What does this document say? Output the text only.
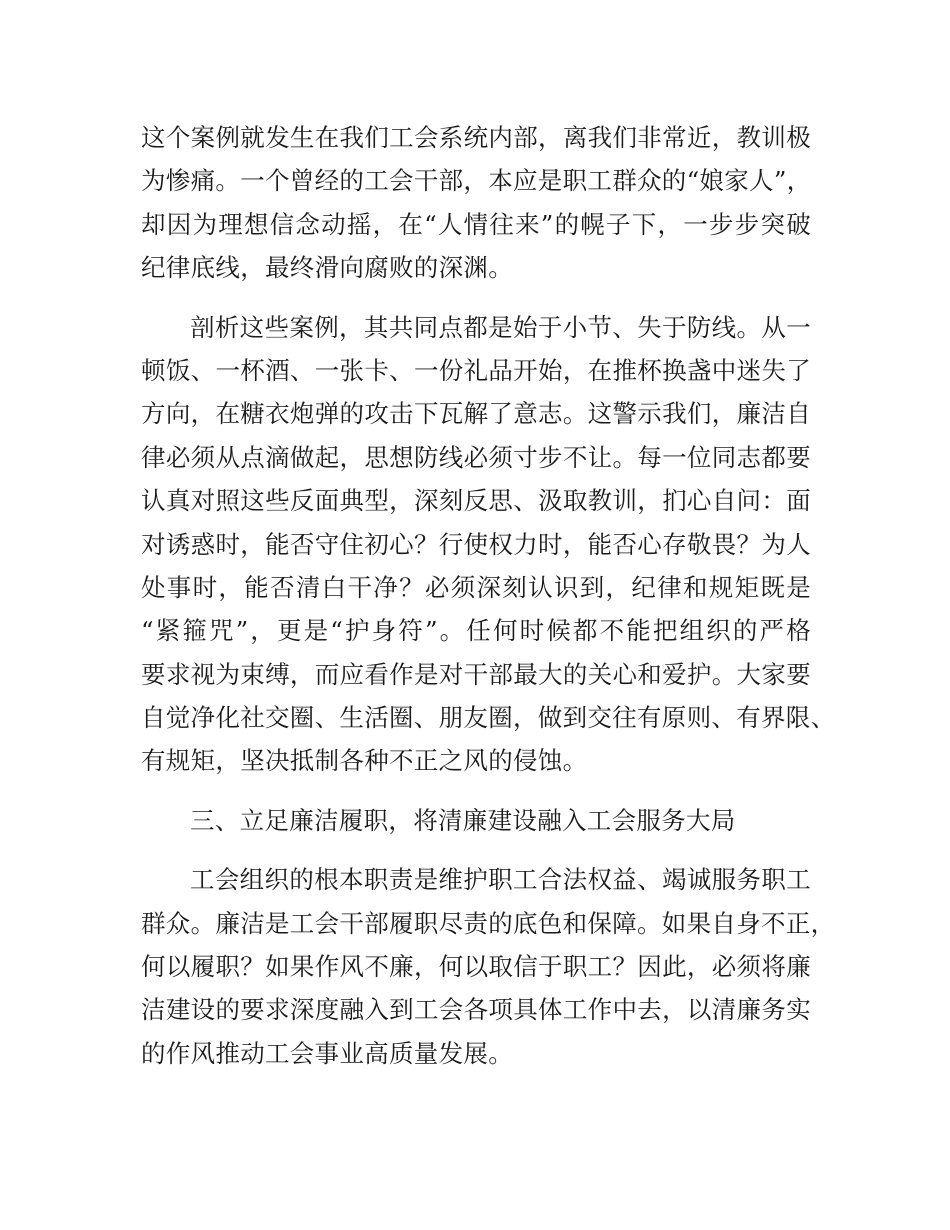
这个案例就发生在我们工会系统内部，离我们非常近，教训极
为惨痛。一个曾经的工会干部，本应是职工群众的“娘家人”，
却因为理想信念动摇，在“人情往来”的幌子下，一步步突破
纪律底线，最终滑向腐败的深渊。
剖析这些案例，其共同点都是始于小节、失于防线。从一
顿饭、一杯酒、一张卡、一份礼品开始，在推杯换盏中迷失了
方向，在糖衣炮弹的攻击下瓦解了意志。这警示我们，廉洁自
律必须从点滴做起，思想防线必须寸步不让。每一位同志都要
认真对照这些反面典型，深刻反思、汲取教训，扪心自问：面
对诱惑时，能否守住初心？行使权力时，能否心存敬畏？为人
处事时，能否清白干净？必须深刻认识到，纪律和规矩既是
“紧箍咒”，更是“护身符”。任何时候都不能把组织的严格
要求视为束缚，而应看作是对干部最大的关心和爱护。大家要
自觉净化社交圈、生活圈、朋友圈，做到交往有原则、有界限、
有规矩，坚决抵制各种不正之风的侵蚀。
三、立足廉洁履职，将清廉建设融入工会服务大局
工会组织的根本职责是维护职工合法权益、竭诚服务职工
群众。廉洁是工会干部履职尽责的底色和保障。如果自身不正，
何以履职？如果作风不廉，何以取信于职工？因此，必须将廉
洁建设的要求深度融入到工会各项具体工作中去，以清廉务实
的作风推动工会事业高质量发展。
